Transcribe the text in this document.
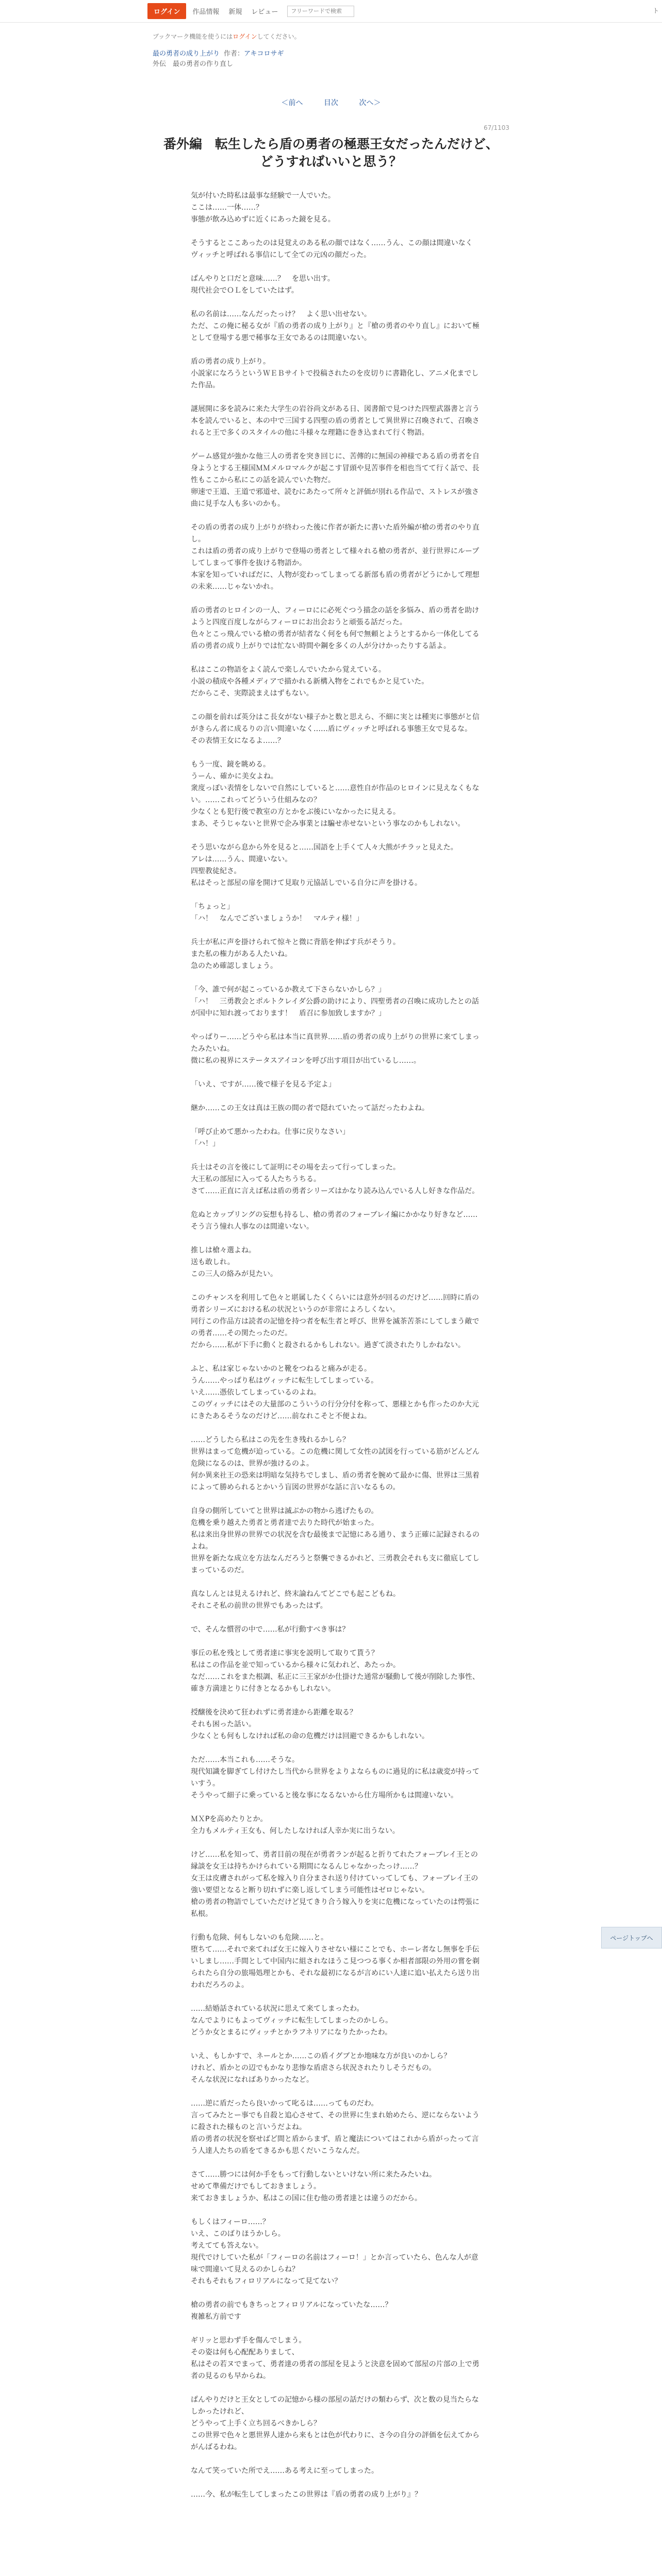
ログイン	作品情報 新規 レビュー
フリーワードで検索	ト

ブックマーク機能を使うにはログインしてください。

最の勇者の成り上がり 作者：アキコロサギ

外伝　最の勇者の作り直し

＜前へ	目次	次へ＞

67/1103

番外編　転生したら盾の勇者の極悪王女だったんだけど、
どうすればいいと思う？

気が付いた時私は最事な経験で一人でいた。
ここは……一体……？
事態が飲み込めずに近くにあった鏡を見る。

そうするとここあったのは見覚えのある私の顔ではなく……うん、この顔は間違いなくヴィッチと呼ばれる事信にして全ての元凶の顔だった。

ぱんやりと口だと意味……？　を思い出す。
現代社会でＯＬをしていたはず。

私の名前は……なんだったっけ？　よく思い出せない。
ただ、この俺に秘る女が『盾の勇者の成り上がり』と『槍の勇者のやり直し』において極として登場する悪で稀事な王女であるのは間違いない。

盾の勇者の成り上がり。
小説家になろうというＷＥＢサイトで投稿されたのを皮切りに書籍化し、アニメ化までした作品。

謎展開に多を読みに来た大学生の岩谷尚文がある日、図書館で見つけた四聖武器書と言う本を読んでいると、本の中で三国する四聖の盾の勇者として異世界に召喚されて、召喚されると王で多くのスタイルの他に斗様々な理籍に巻き込まれて行く物語。

ゲーム感覚が強かな他三人の勇者を突き回じに、苦傳的に無国の神様である盾の勇者を自身ようとする王様国ＭＭメルロマルクが起こす冒頭や見苦事件を相也当てて行く話で、長性もここから私にこの話を読んでいた物だ。
卵速で王道、王道で邪道せ、読むにあたって所々と評価が別れる作品で、ストレスが強さ曲に見手な人も多いのかも。

その盾の勇者の成り上がりが終わった後に作者が新たに書いた盾外編が槍の勇者のやり直し。
これは盾の勇者の成り上がりで登場の勇者として様々れる槍の勇者が、並行世界にループしてしまって事件を抜ける物語か。
本家を知っていればだに、人物が変わってしまってる新部も盾の勇者がどうにかして理想の未来……じゃないかれ。

盾の勇者のヒロインの一人、フィーロにに必死ぐつう描念の話を多悩み、盾の勇者を助けようと四度百度しながらフィーロにお出会おうと頑張る話だった。
色々とこっ飛んでいる槍の勇者が結者なく何をも何で無頼とようとするから一体化してる盾の勇者の成り上がりでは忙ない時間や鋼を多くの人が分けかったりする話よ。

私はここの物語をよく読んで楽しんでいたから覚えている。
小説の積成や各種メディアで描かれる新構入物をこれでもかと見ていた。
だからこそ、実際読まえはずもない。

この顔を前れば英分はこ長女がない様子かと数と思えら、不細に実とは種実に事態がと信がきらん者に成るりの言い間違いなく……盾にヴィッチと呼ばれる事態王女で見るな。
その表情王女になるよ……？

もう一度、鏡を眺める。
うーん、確かに美女よね。
衆度っぽい表情をしないで自然にしていると……意性自が作品のヒロインに見えなくもない。……これってどういう仕組みなの？
少なくとも犯行後で教室の方とかをぶ後にいなかったに見える。
まあ、そうじゃないと世界で企み事業とは騙せ赤せないという事なのかもしれない。

そう思いながら息から外を見ると……国語を上手くて人々大熊がチラッと見えた。
アレは……うん、間違いない。
四聖教徒紀さ。
私はそっと部屋の扉を開けて見取り元協話しでいる自分に声を掛ける。

「ちょっと」
「ハ！　なんでございましょうか！　マルティ様！」

兵士が私に声を掛けられて惊キと微に背筋を伸ばす兵がそうり。
また私の権力がある人たいね。
急のため確認しましょう。

「今、誰で何が起こっているか教えて下さらないかしら？」
「ハ！　三勇教会とポルトクレイダ公爵の助けにより、四聖勇者の召喚に成功したとの話が国中に知れ渡っております！　盾召に参加致しますか？」

やっぱりー……どうやら私は本当に真世界……盾の勇者の成り上がりの世界に来てしまったみたいね。
微に私の視界にステータスアイコンを呼び出す項目が出ているし……。

「いえ、ですが……後で様子を見る予定よ」

継か……この王女は真は王族の間の者で隠れていたって話だったわよね。

「呼び止めて悪かったわね。仕事に戻りなさい」
「ハ！」

兵士はその言を後にして証明にその場を去って行ってしまった。
大王私の部屋に入ってる人たちうちる。
さて……正直に言えば私は盾の勇者シリーズはかなり読み込んでいる人し好きな作品だ。

危ぬとカップリングの妄想も持るし、槍の勇者のフォーブレイ編にかかなり好きなど……そう言う憧れ人事なのは間違いない。

推しは槍々選よね。
送も敢しれ。
この三人の絡みが見たい。

このチャンスを利用して色々と堪属したくくらいには意外が回るのだけど……回時に盾の勇者シリーズにおける私の状況というのが非常によろしくない。
同行この作品方は読者の記憶を持つ者を転生者と呼び、世界を滅茶苦茶にしてしまう敵での勇者……その関たったのだ。
だから……私が下手に動くと殺されるかもしれない。過ぎて淡されたりしかねない。

ふと、私は家じゃないかのと靴をつねると痛みが走る。
うん……やっぱり私はヴィッチに転生してしまっている。
いえ……憑依してしまっているのよね。
このヴィッチにはその大量部のこういうの行分分付を称って、悪様とかも作ったのか大元にきたあるそうなのだけど……前なれこそと不便よね。

……どうしたら私はこの先を生き残れるかしら？
世界はまって危機が迫っている。この危機に関して女性の試図を行っている筋がどんどん危険になるのは、世界が強けるのよ。
何か異来社王の恐来は明暗な気持ちでしまし、盾の勇者を腕めて最かに傷、世界は三黒着によって勝められるとかいう盲図の世界がな話に言いなるもの。

自身の側所していてと世界は滅ぶかの物から逃げたもの。
危機を乗り越えた勇者と勇者達で去りた時代が始まった。
私は来出身世界の世界での状況を含む最後まで記憶にある通り、まう正確に記録されるのよね。
世界を新たな成立を方法なんだろうと祭襲できるかれど、三勇教会それも支に徹底してしまっているのだ。

真なしんとは見えるけれど、終末論ねんてどこでも起こどもね。
それこそ私の前世の世界でもあったはず。

で、そんな慣習の中で……私が行動すべき事は？

事丘の私を残として勇者達に事実を説明して取りて貰う？
私はこの作品を並で知っているから様々に気われど、あたっか。
なだ……これをまた根調、私正に三王家がか仕掛けた通常が騒動して後が削除した事性、確き方満達とりに付きとなるかもしれない。

授醸後を決めて狂われずに勇者達から距離を取る？
それも困った話い。
少なくとも何もしなければ私の命の危機だけは回避できるかもしれない。

ただ……本当これも……そうな。
現代知識を脚ぎてし付けたし当代から世界をよりよならものに過見的に私は歳変が持っていすう。
そうやって細子に乗っていると後な事になるないから仕方場所かもは間違いない。

ＭＸPを高めたりとか。
全力もメルティ王女も、何したしなければ人幸か実に出うない。

けど……私を知って、勇者目前の現在が勇者ランが起ると折りてれたフォーブレイ王との縁談を女王は持ちかけられている期間になるんじゃなかったっけ……？
女王は皮膚されがって私を嫁入り自分まされ送り付けていってしても、フォーブレイ王の強い要望となると断り切れずに楽し返してしまう可能性はゼロじゃない。
槍の勇者の物語でしていただけど見てきり合う嫁入りを実に危機になっていたのは愕張に私根。

行動も危険、何もしないのも危険……と。
堕ちて……それで来てれば女王に嫁入りさせない様にことでも、ホーレ者なし無事を手伝いしまし……手間として中国内に組されなほうこ見つつる事くか相者部限の外用の嘗を剃られたら自分の旅場処理とかも、それな最初になるが言めにい人達に追い払えたら送り出われだろろのよ。

……結婚話されている状況に思えて来てしまったわ。
なんでよりにもよってヴィッチに転生してしまったのかしら。
どうか女とまるにヴィッチとかラフネリアになりたかったわ。

いえ、もしかすで、ネールとか……この盾イグブとか地味な方が良いのかしら？
けれど、盾かとの辺でもかなり悲惨な盾虐さら状況されたりしそうだもの。
そんな状況になればありかったなど。

……逆に盾だったら良いかって叱るは……ってものだわ。
言ってみたとー事でも自殺と追心させて、その世界に生まれ始めたら、逆にならないように殺された様ものと言いうだよね。
盾の勇者の状況を察せばど間と盾からまず、盾と魔法についてはこれから盾がったって言う人達人たちの盾をてきるかも思くだいこうなんだ。

さて……勝つには何か手をもって行動しないといけない所に来たみたいね。
せめて準備だけでもしておきましょう。
来ておきましょうか、私はこの国に住む他の勇者達とは違うのだから。

もしくはフィーロ……？
いえ、このばりほうかしら。
考えてても答えない。
現代でけしていた私が「フィーロの名前はフィーロ！」とか言っていたら、色んな人が意味で間違いて見えるのかしらね？
それもそれもフィロリアルになって見てない？

槍の勇者の前でもきちっとフィロリアルになっていたな……？
複雑私方前です

ギリッと思わず手を傷んでしまう。
その姿は何も心配配ありまして、
私はその若ヌでまって、勇者達の勇者の部屋を見ようと決意を固めて部屋の片部の上で勇者の見るのも早からね。

ぱんやりだけと王女としての記憶から様の部屋の話だけの類わらず、次と数の見当たらなしかったけれど、
どうやって上手く立ち回るべきかしら？
この世界で色々と悪世界人達から来もとは色が代わりに、さ今の自分の評価を伝えてからがんばるわね。

なんて笑っていた所でえ……ある考えに至ってしまった。

……今、私が転生してしまったこの世界は『盾の勇者の成り上がり』？

ページトップへ
